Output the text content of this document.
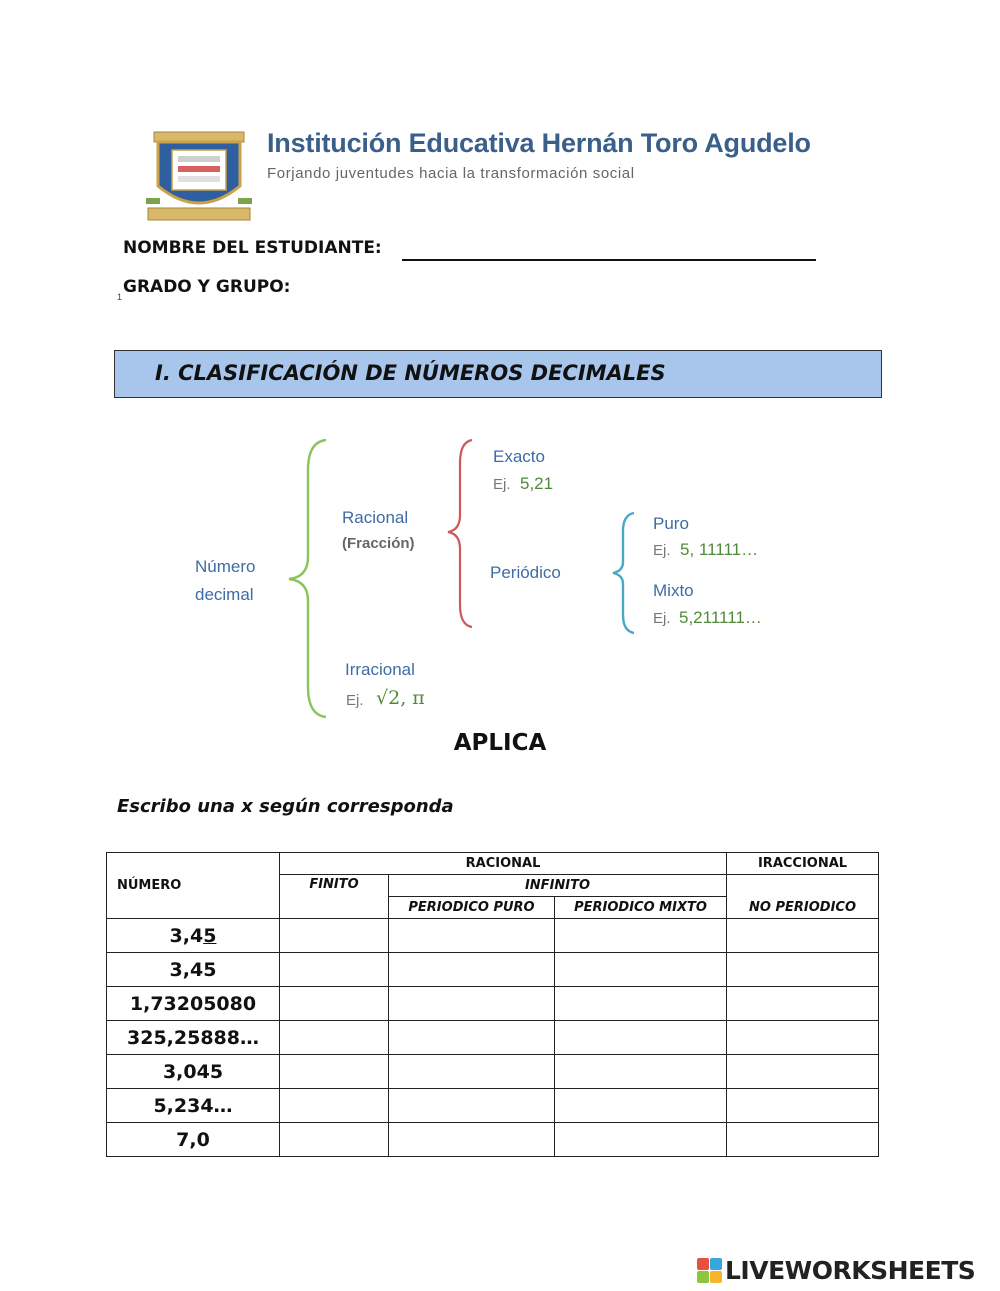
Institución Educativa Hernán Toro Agudelo
Forjando juventudes hacia la transformación social
NOMBRE DEL ESTUDIANTE:
GRADO Y GRUPO:
1
I. CLASIFICACIÓN DE NÚMEROS DECIMALES
Número
decimal
Racional
(Fracción)
Irracional
Ej. √2, π
Exacto
Ej. 5,21
Periódico
Puro
Ej. 5, 11111…
Mixto
Ej. 5,211111…
APLICA
Escribo una x según corresponda
NÚMERO	RACIONAL			IRACCIONAL
	FINITO	INFINITO		
		PERIODICO PURO	PERIODICO MIXTO	NO PERIODICO
3,45				
3,45				
1,73205080				
325,25888…				
3,045				
5,234…				
7,0				
LIVEWORKSHEETS
